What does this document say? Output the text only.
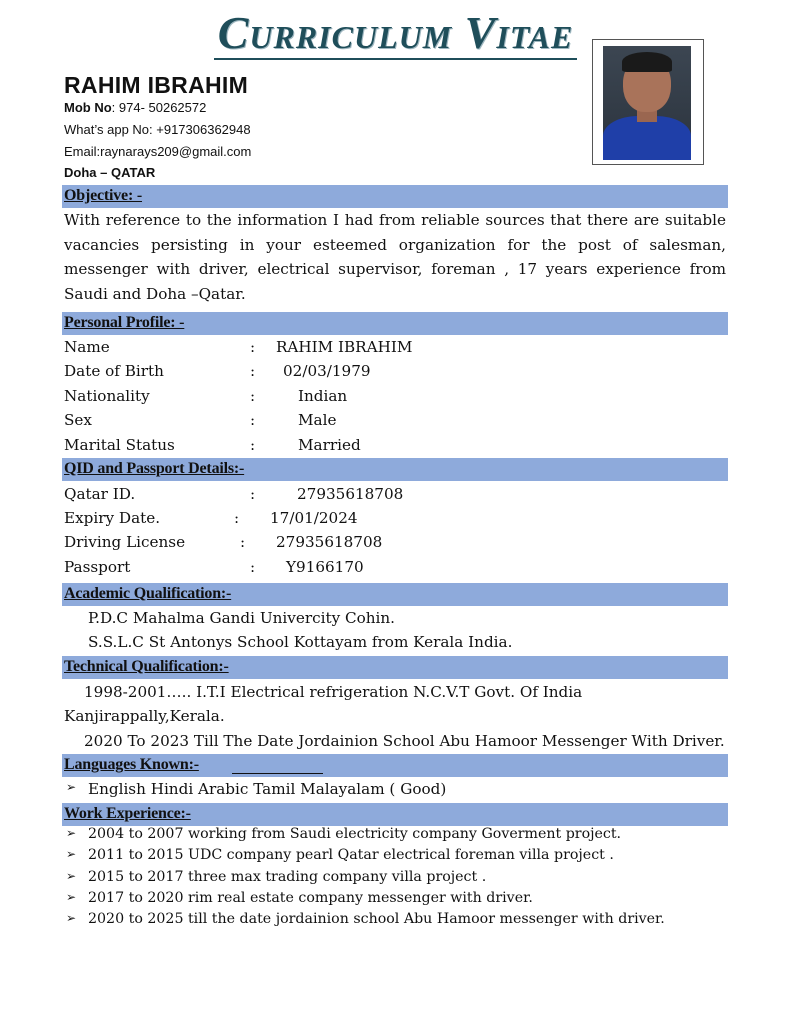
Curriculum Vitae
RAHIM IBRAHIM
Mob No: 974- 50262572
What’s app No: +917306362948
Email:raynarays209@gmail.com
Doha – QATAR
Objective: -
With reference to the information I had from reliable sources that there are suitable vacancies persisting in your esteemed organization for the post of salesman, messenger with driver, electrical supervisor, foreman , 17 years experience from Saudi and Doha –Qatar.
Personal Profile: -
Name	: RAHIM IBRAHIM
Date of Birth	: 02/03/1979
Nationality	:	Indian
Sex	:	Male
Marital Status	:	Married
QID and Passport Details:-
Qatar ID.	:	27935618708
Expiry Date.	: 17/01/2024
Driving License	: 27935618708
Passport	: Y9166170
Academic Qualification:-
P.D.C Mahalma Gandi Univercity Cohin.
S.S.L.C St Antonys School Kottayam from Kerala India.
Technical Qualification:-
1998-2001….. I.T.I Electrical refrigeration N.C.V.T Govt. Of India
Kanjirappally,Kerala.
2020 To 2023 Till The Date Jordainion School Abu Hamoor Messenger With Driver.
Languages Known:-
➢ English Hindi Arabic Tamil Malayalam ( Good)
Work Experience:-
➢ 2004 to 2007 working from Saudi electricity company Goverment project.
➢ 2011 to 2015 UDC company pearl Qatar electrical foreman villa project .
➢ 2015 to 2017 three max trading company villa project .
➢ 2017 to 2020 rim real estate company messenger with driver.
➢ 2020 to 2025 till the date jordainion school Abu Hamoor messenger with driver.
